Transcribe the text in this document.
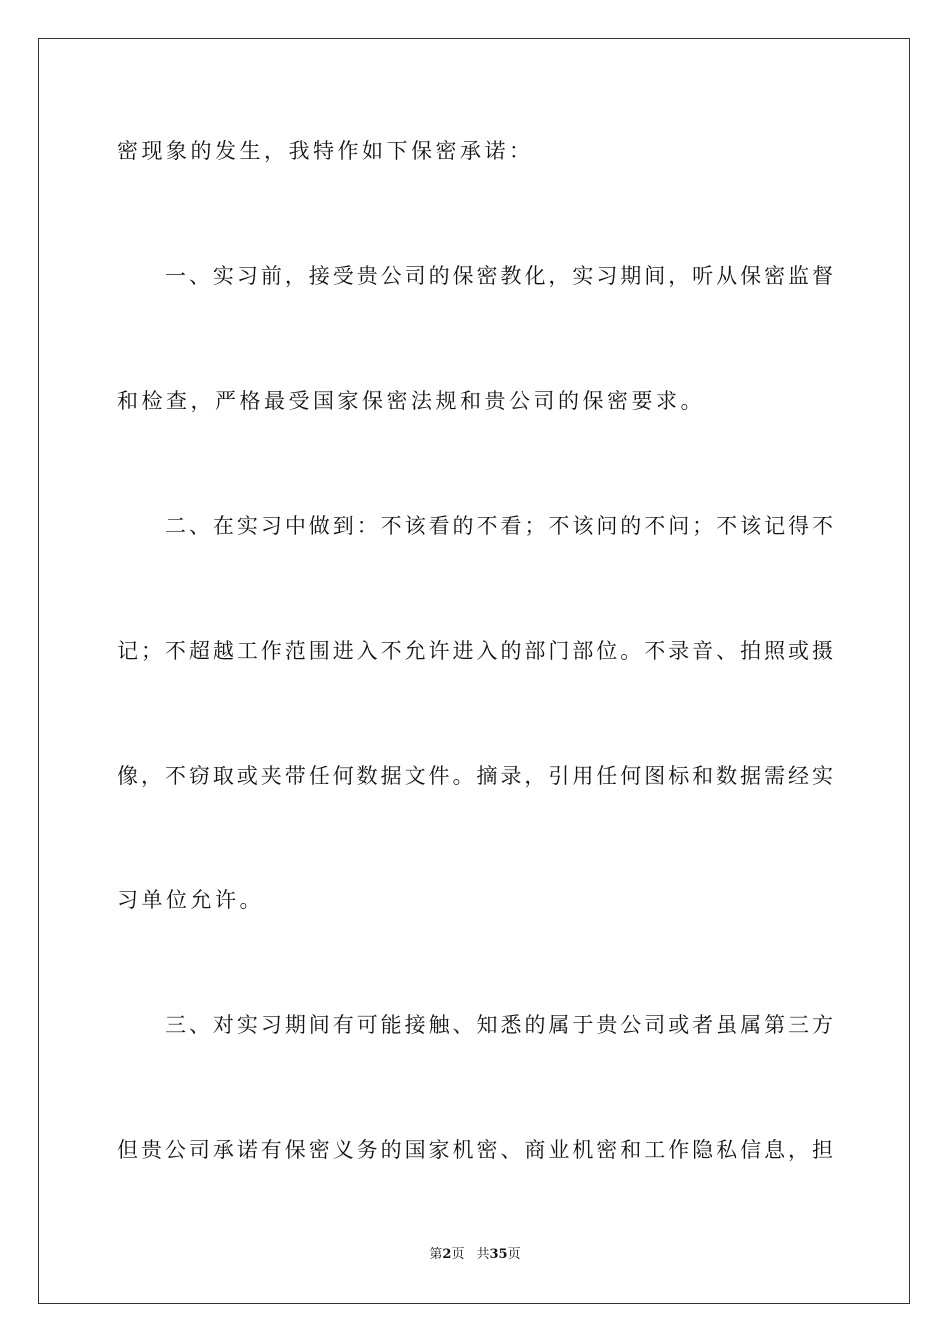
密现象的发生，我特作如下保密承诺：
一、实习前，接受贵公司的保密教化，实习期间，听从保密监督
和检查，严格最受国家保密法规和贵公司的保密要求。
二、在实习中做到：不该看的不看；不该问的不问；不该记得不
记；不超越工作范围进入不允许进入的部门部位。不录音、拍照或摄
像，不窃取或夹带任何数据文件。摘录，引用任何图标和数据需经实
习单位允许。
三、对实习期间有可能接触、知悉的属于贵公司或者虽属第三方
但贵公司承诺有保密义务的国家机密、商业机密和工作隐私信息，担
第2页 共35页
